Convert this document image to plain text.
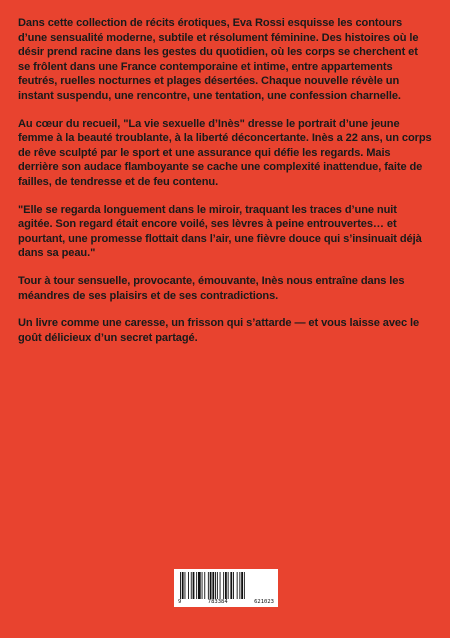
Dans cette collection de récits érotiques, Eva Rossi esquisse les contours d’une sensualité moderne, subtile et résolument féminine. Des histoires où le désir prend racine dans les gestes du quotidien, où les corps se cherchent et se frôlent dans une France contemporaine et intime, entre appartements feutrés, ruelles nocturnes et plages désertées. Chaque nouvelle révèle un instant suspendu, une rencontre, une tentation, une confession charnelle.

Au cœur du recueil, "La vie sexuelle d’Inès" dresse le portrait d’une jeune femme à la beauté troublante, à la liberté déconcertante. Inès a 22 ans, un corps de rêve sculpté par le sport et une assurance qui défie les regards. Mais derrière son audace flamboyante se cache une complexité inattendue, faite de failles, de tendresse et de feu contenu.

"Elle se regarda longuement dans le miroir, traquant les traces d’une nuit agitée. Son regard était encore voilé, ses lèvres à peine entrouvertes… et pourtant, une promesse flottait dans l’air, une fièvre douce qui s’insinuait déjà dans sa peau."

Tour à tour sensuelle, provocante, émouvante, Inès nous entraîne dans les méandres de ses plaisirs et de ses contradictions.

Un livre comme une caresse, un frisson qui s’attarde — et vous laisse avec le goût délicieux d’un secret partagé.

9	783384	621023
